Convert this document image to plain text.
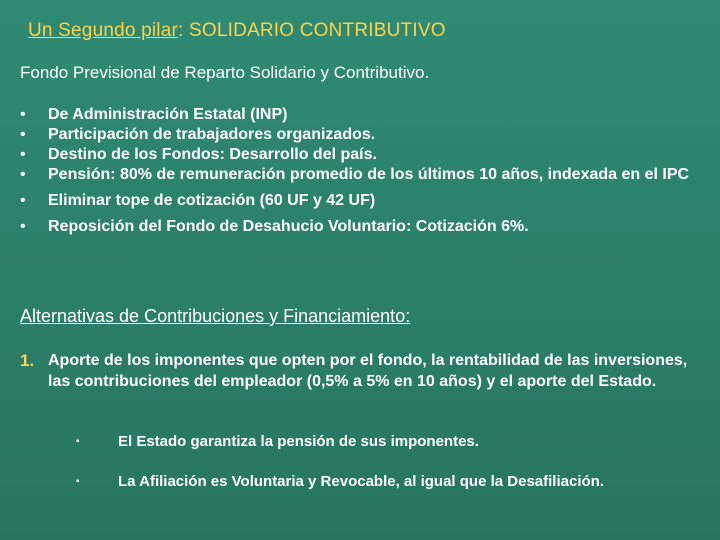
Un Segundo pilar: SOLIDARIO CONTRIBUTIVO
Fondo Previsional de Reparto Solidario y Contributivo.
• De Administración Estatal (INP)
• Participación de trabajadores organizados.
• Destino de los Fondos: Desarrollo del país.
• Pensión: 80% de remuneración promedio de los últimos 10 años, indexada en el IPC
• Eliminar tope de cotización (60 UF y 42 UF)
• Reposición del Fondo de Desahucio Voluntario: Cotización 6%.
Alternativas de Contribuciones y Financiamiento:
1. Aporte de los imponentes que opten por el fondo, la rentabilidad de las inversiones, las contribuciones del empleador (0,5% a 5% en 10 años) y el aporte del Estado.
▪	El Estado garantiza la pensión de sus imponentes.
▪	La Afiliación es Voluntaria y Revocable, al igual que la Desafiliación.
